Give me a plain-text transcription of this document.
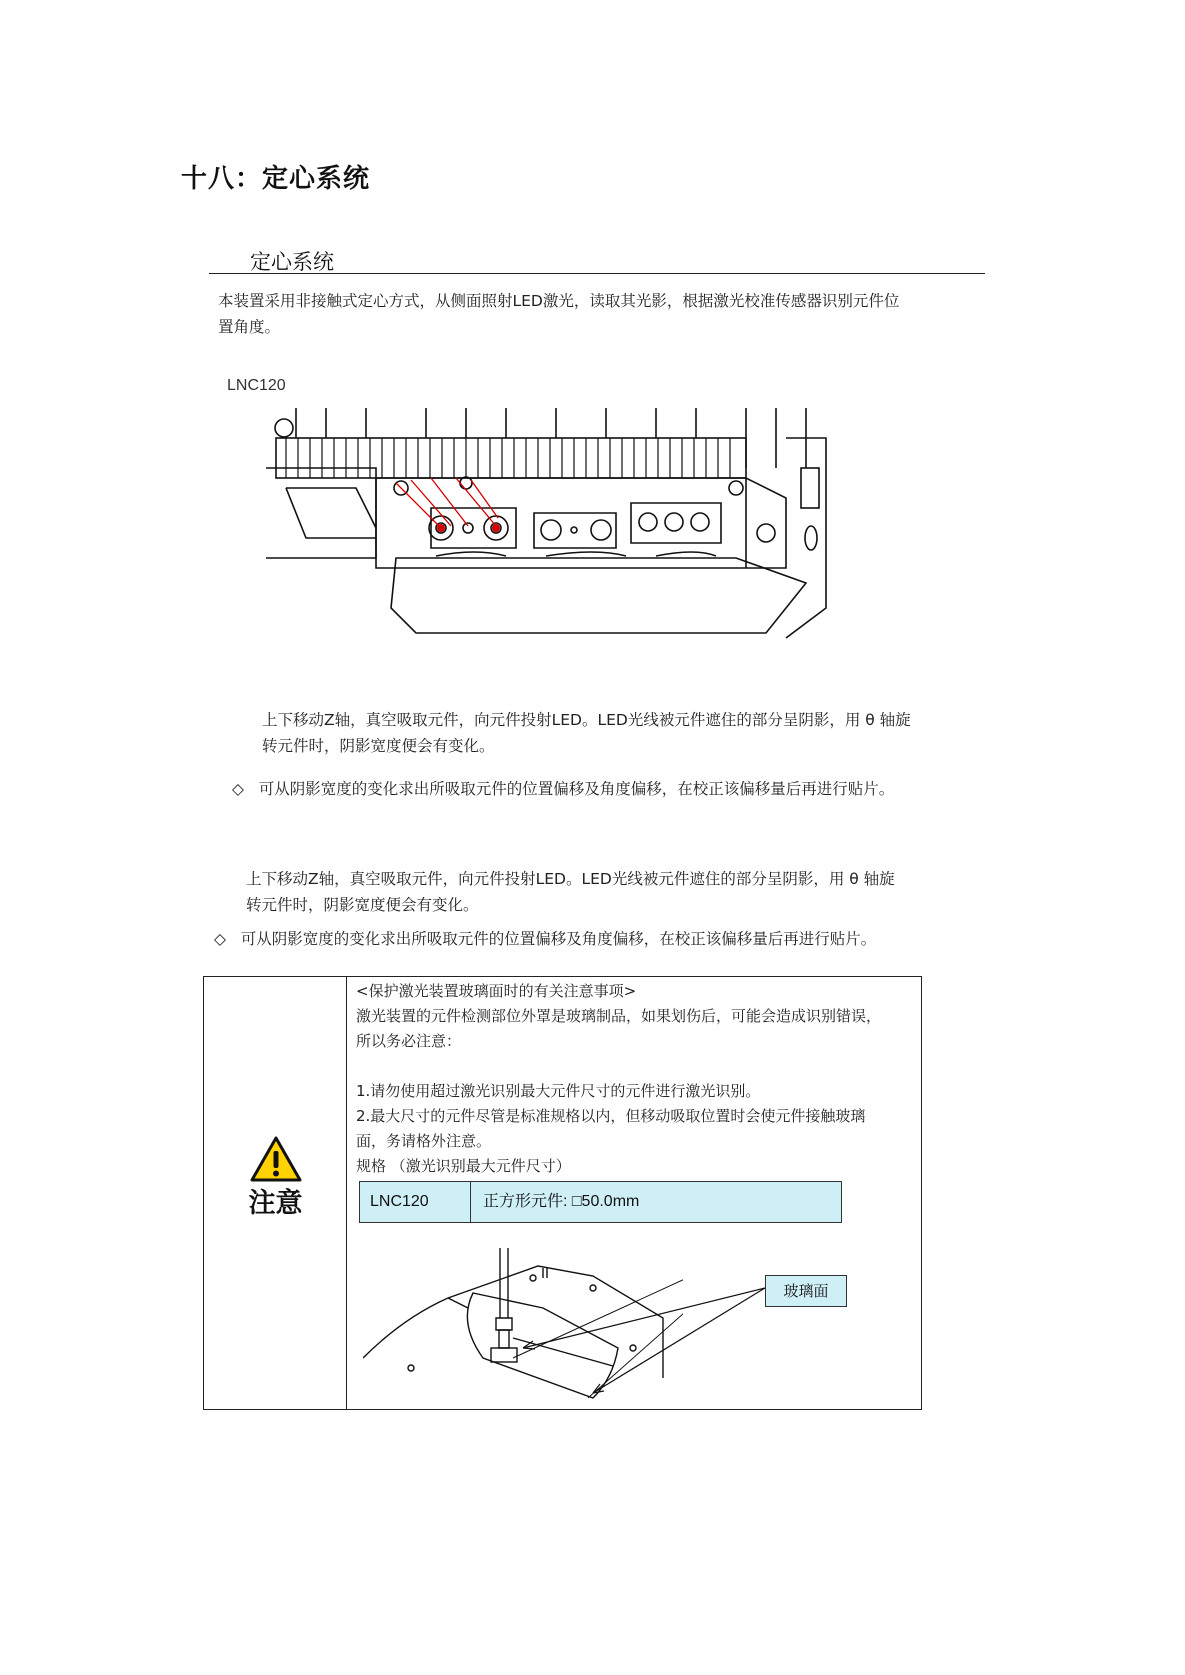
十八：定心系统
定心系统
本装置采用非接触式定心方式，从侧面照射LED激光，读取其光影，根据激光校准传感器识别元件位
置角度。
LNC120
上下移动Z轴，真空吸取元件，向元件投射LED。LED光线被元件遮住的部分呈阴影，用 θ 轴旋
转元件时，阴影宽度便会有变化。
◇ 可从阴影宽度的变化求出所吸取元件的位置偏移及角度偏移，在校正该偏移量后再进行贴片。
上下移动Z轴，真空吸取元件，向元件投射LED。LED光线被元件遮住的部分呈阴影，用 θ 轴旋
转元件时，阴影宽度便会有变化。
◇ 可从阴影宽度的变化求出所吸取元件的位置偏移及角度偏移，在校正该偏移量后再进行贴片。
注意
<保护激光装置玻璃面时的有关注意事项>
激光装置的元件检测部位外罩是玻璃制品，如果划伤后，可能会造成识别错误，
所以务必注意：
1.请勿使用超过激光识别最大元件尺寸的元件进行激光识别。
2.最大尺寸的元件尽管是标准规格以内，但移动吸取位置时会使元件接触玻璃
面，务请格外注意。
规格 （激光识别最大元件尺寸）
LNC120	正方形元件: □50.0mm
玻璃面
